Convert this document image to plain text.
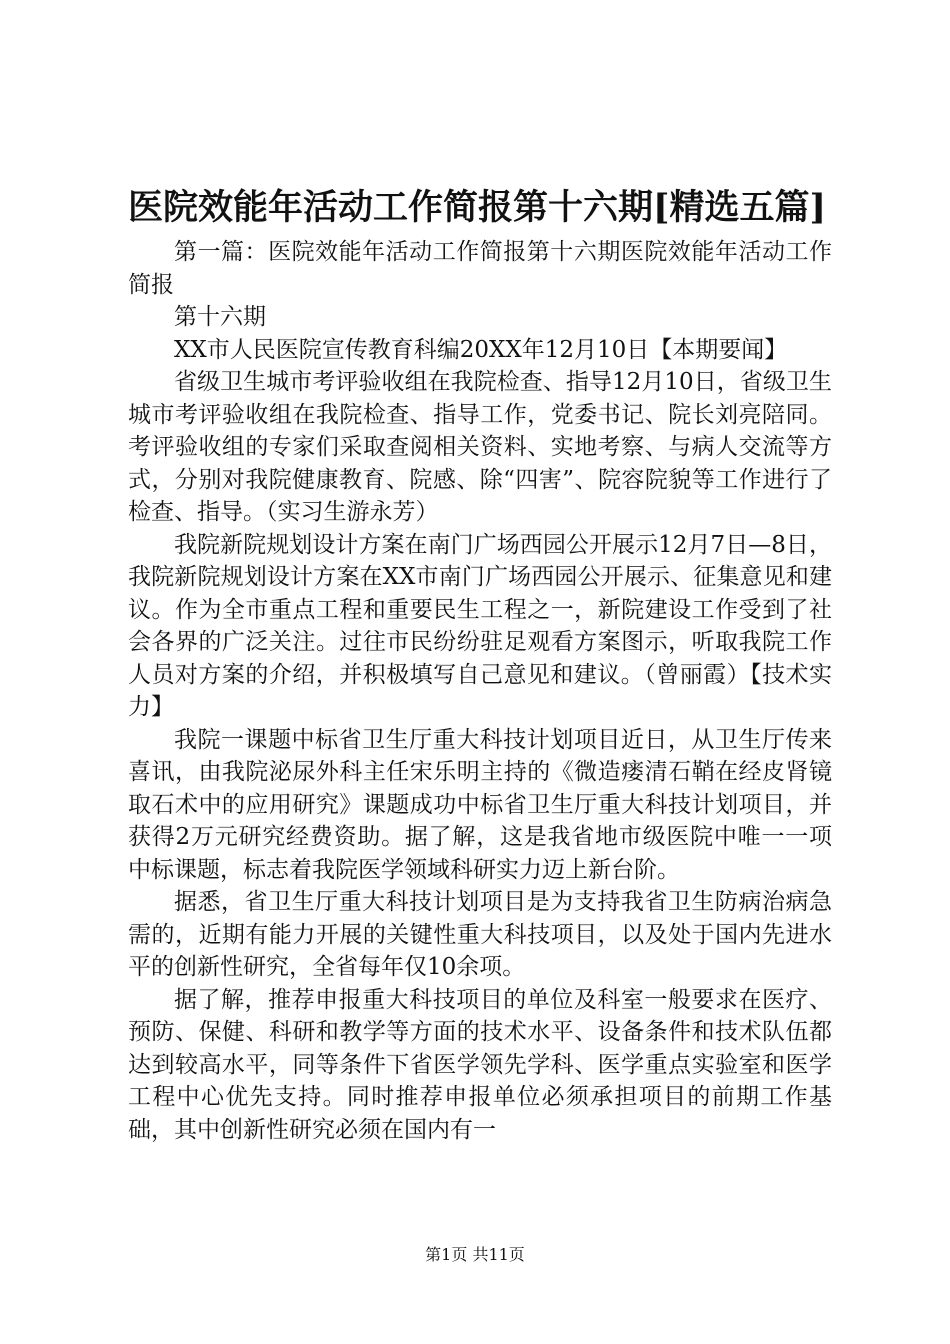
医院效能年活动工作简报第十六期[精选五篇]

第一篇：医院效能年活动工作简报第十六期医院效能年活动工作简报

第十六期

XX市人民医院宣传教育科编20XX年12月10日【本期要闻】

省级卫生城市考评验收组在我院检查、指导12月10日，省级卫生城市考评验收组在我院检查、指导工作，党委书记、院长刘亮陪同。考评验收组的专家们采取查阅相关资料、实地考察、与病人交流等方式，分别对我院健康教育、院感、除“四害”、院容院貌等工作进行了检查、指导。（实习生游永芳）

我院新院规划设计方案在南门广场西园公开展示12月7日—8日，我院新院规划设计方案在XX市南门广场西园公开展示、征集意见和建议。作为全市重点工程和重要民生工程之一，新院建设工作受到了社会各界的广泛关注。过往市民纷纷驻足观看方案图示，听取我院工作人员对方案的介绍，并积极填写自己意见和建议。（曾丽霞）【技术实力】

我院一课题中标省卫生厅重大科技计划项目近日，从卫生厅传来喜讯，由我院泌尿外科主任宋乐明主持的《微造瘘清石鞘在经皮肾镜取石术中的应用研究》课题成功中标省卫生厅重大科技计划项目，并获得2万元研究经费资助。据了解，这是我省地市级医院中唯一一项中标课题，标志着我院医学领域科研实力迈上新台阶。

据悉，省卫生厅重大科技计划项目是为支持我省卫生防病治病急需的，近期有能力开展的关键性重大科技项目，以及处于国内先进水平的创新性研究，全省每年仅10余项。

据了解，推荐申报重大科技项目的单位及科室一般要求在医疗、预防、保健、科研和教学等方面的技术水平、设备条件和技术队伍都达到较高水平，同等条件下省医学领先学科、医学重点实验室和医学工程中心优先支持。同时推荐申报单位必须承担项目的前期工作基础，其中创新性研究必须在国内有一

第1页 共11页
